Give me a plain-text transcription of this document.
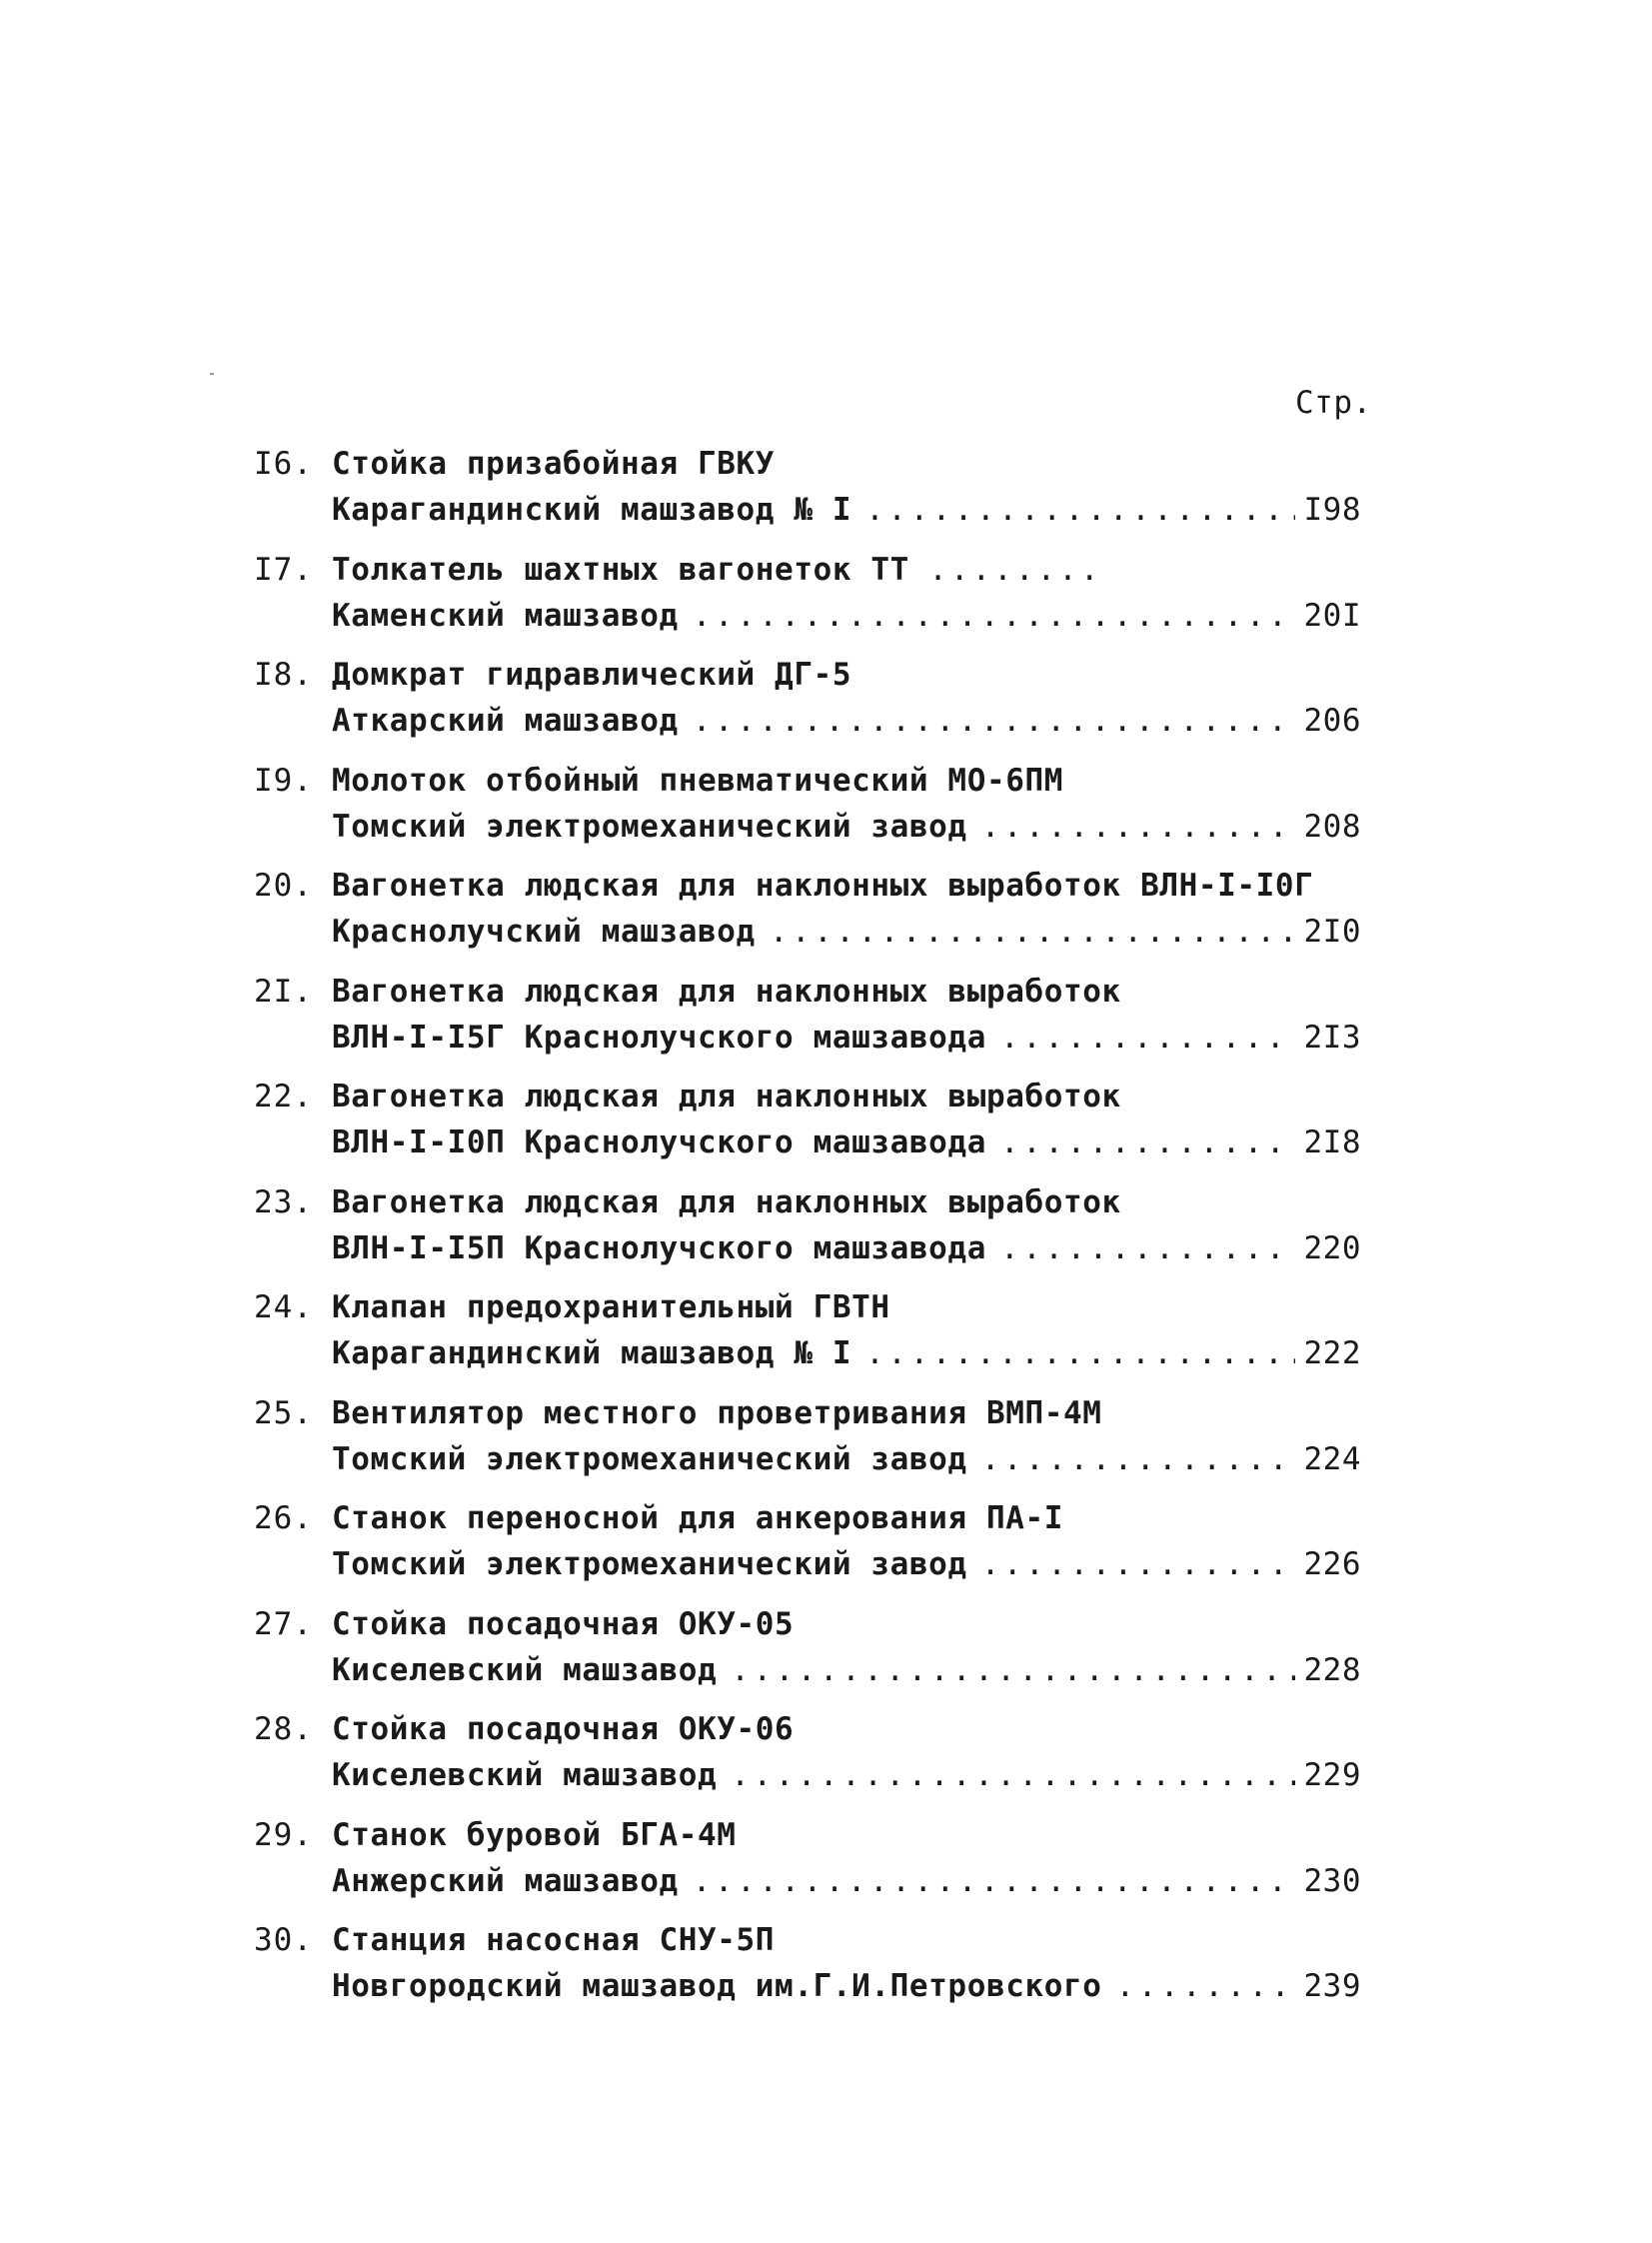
Стр.
I6. Стойка призабойная ГВКУ
Карагандинский машзавод № I .....	I98
I7. Толкатель шахтных вагонеток ТТ ........
Каменский машзавод .....	20I
I8. Домкрат гидравлический ДГ-5
Аткарский машзавод .....	206
I9. Молоток отбойный пневматический МО-6ПМ
Томский электромеханический завод .....	208
20. Вагонетка людская для наклонных выработок ВЛН-I-I0Г
Краснолучский машзавод .....	2I0
2I. Вагонетка людская для наклонных выработок
ВЛН-I-I5Г Краснолучского машзавода .....	2I3
22. Вагонетка людская для наклонных выработок
ВЛН-I-I0П Краснолучского машзавода .....	2I8
23. Вагонетка людская для наклонных выработок
ВЛН-I-I5П Краснолучского машзавода .....	220
24. Клапан предохранительный ГВТН
Карагандинский машзавод № I .....	222
25. Вентилятор местного проветривания ВМП-4М
Томский электромеханический завод .....	224
26. Станок переносной для анкерования ПА-I
Томский электромеханический завод .....	226
27. Стойка посадочная ОКУ-05
Киселевский машзавод .....	228
28. Стойка посадочная ОКУ-06
Киселевский машзавод .....	229
29. Станок буровой БГА-4М
Анжерский машзавод .....	230
30. Станция насосная СНУ-5П
Новгородский машзавод им.Г.И.Петровского .....	239
